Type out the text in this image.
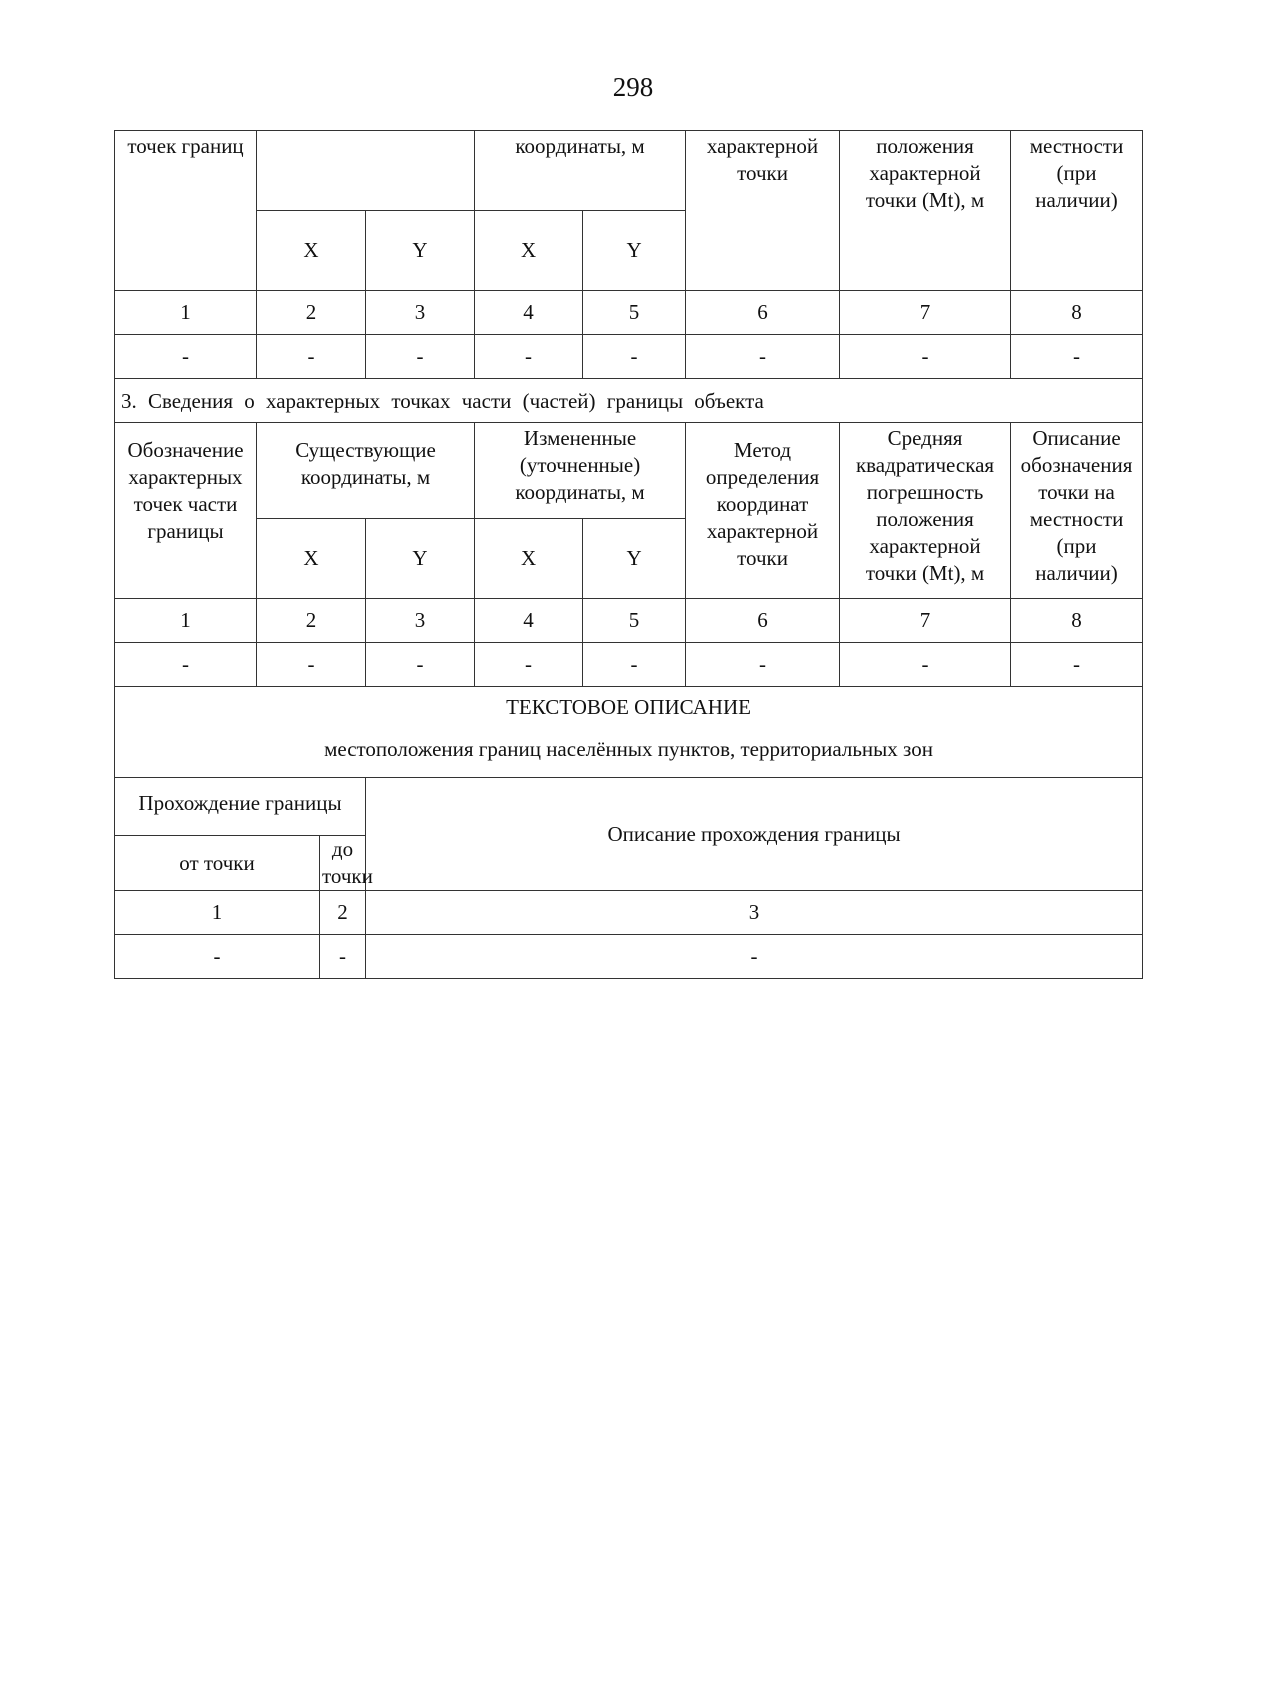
298
точек границ				координаты, м		характерной точки	положения характерной точки (Mt), м	местности (при наличии)
	X		Y	X	Y			
1	2		3	4	5	6	7	8
-	-		-	-	-	-	-	-
3. Сведения о характерных точках части (частей) границы объекта								
Обозначение характерных точек части границы	Существующие координаты, м			Измененные (уточненные) координаты, м		Метод определения координат характерной точки	Средняя квадратическая погрешность положения характерной точки (Mt), м	Описание обозначения точки на местности (при наличии)
	X		Y	X	Y			
1	2		3	4	5	6	7	8
-	-		-	-	-	-	-	-

ТЕКСТОВОЕ ОПИСАНИЕ
местоположения границ населённых пунктов, территориальных зон								

Прохождение границы			Описание прохождения границы					
от точки		до точки						
1		2	3					
-		-	-					
